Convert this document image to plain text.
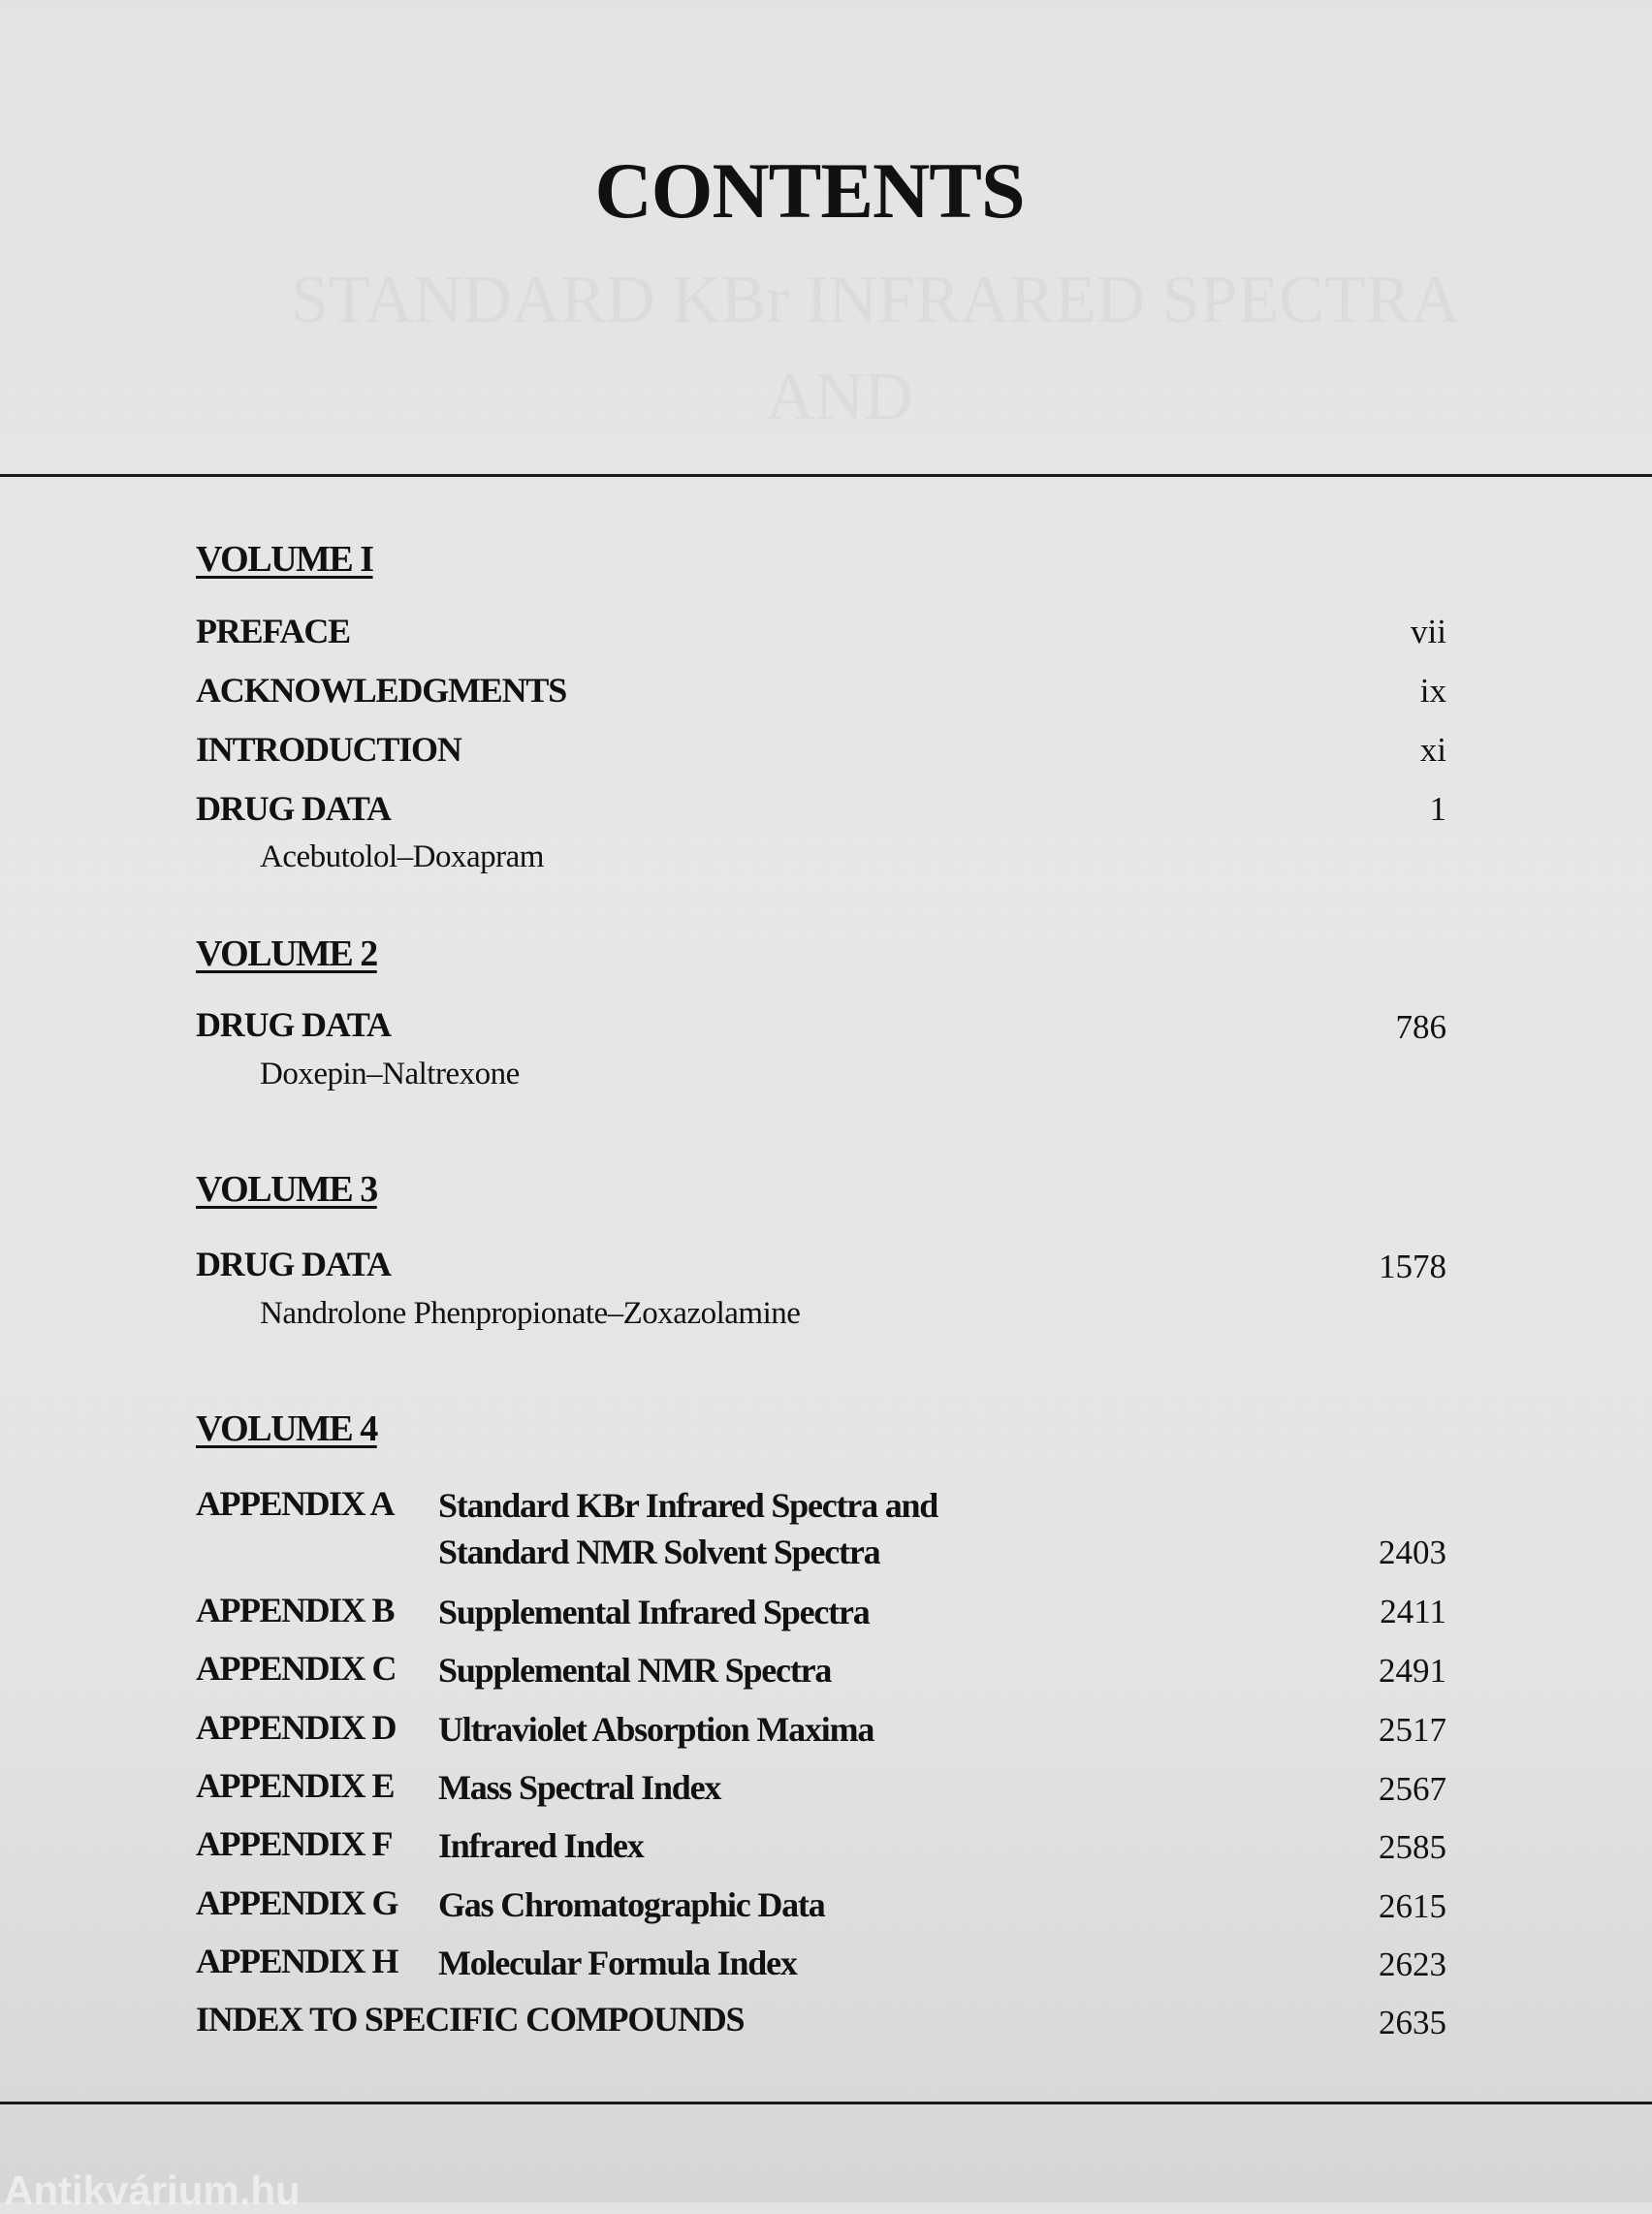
STANDARD KBr INFRARED SPECTRA
AND

CONTENTS
VOLUME I
PREFACE	vii
ACKNOWLEDGMENTS	ix
INTRODUCTION	xi
DRUG DATA	1
Acebutolol–Doxapram
VOLUME 2
DRUG DATA	786
Doxepin–Naltrexone
VOLUME 3
DRUG DATA	1578
Nandrolone Phenpropionate–Zoxazolamine
VOLUME 4
APPENDIX A Standard KBr Infrared Spectra and
Standard NMR Solvent Spectra	2403
APPENDIX B Supplemental Infrared Spectra	2411
APPENDIX C Supplemental NMR Spectra	2491
APPENDIX D Ultraviolet Absorption Maxima	2517
APPENDIX E Mass Spectral Index	2567
APPENDIX F Infrared Index	2585
APPENDIX G Gas Chromatographic Data	2615
APPENDIX H Molecular Formula Index	2623
INDEX TO SPECIFIC COMPOUNDS	2635
Antikvárium.hu
